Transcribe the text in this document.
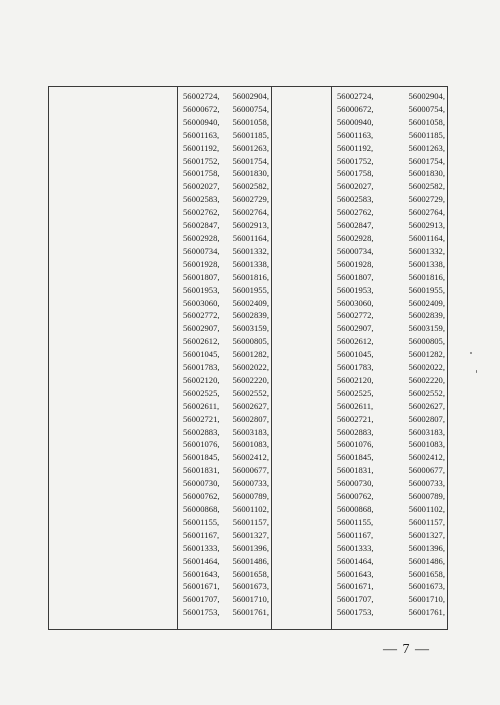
56002724, 56002904,
56000672, 56000754,
56000940, 56001058,
56001163, 56001185,
56001192, 56001263,
56001752, 56001754,
56001758, 56001830,
56002027, 56002582,
56002583, 56002729,
56002762, 56002764,
56002847, 56002913,
56002928, 56001164,
56000734, 56001332,
56001928, 56001338,
56001807, 56001816,
56001953, 56001955,
56003060, 56002409,
56002772, 56002839,
56002907, 56003159,
56002612, 56000805,
56001045, 56001282,
56001783, 56002022,
56002120, 56002220,
56002525, 56002552,
56002611, 56002627,
56002721, 56002807,
56002883, 56003183,
56001076, 56001083,
56001845, 56002412,
56001831, 56000677,
56000730, 56000733,
56000762, 56000789,
56000868, 56001102,
56001155, 56001157,
56001167, 56001327,
56001333, 56001396,
56001464, 56001486,
56001643, 56001658,
56001671, 56001673,
56001707, 56001710,
56001753, 56001761,
56002724,	56002904,
56000672,	56000754,
56000940,	56001058,
56001163,	56001185,
56001192,	56001263,
56001752,	56001754,
56001758,	56001830,
56002027,	56002582,
56002583,	56002729,
56002762,	56002764,
56002847,	56002913,
56002928,	56001164,
56000734,	56001332,
56001928,	56001338,
56001807,	56001816,
56001953,	56001955,
56003060,	56002409,
56002772,	56002839,
56002907,	56003159,
56002612,	56000805,
56001045,	56001282,
56001783,	56002022,
56002120,	56002220,
56002525,	56002552,
56002611,	56002627,
56002721,	56002807,
56002883,	56003183,
56001076,	56001083,
56001845,	56002412,
56001831,	56000677,
56000730,	56000733,
56000762,	56000789,
56000868,	56001102,
56001155,	56001157,
56001167,	56001327,
56001333,	56001396,
56001464,	56001486,
56001643,	56001658,
56001671,	56001673,
56001707,	56001710,
56001753,	56001761,
— 7 —
